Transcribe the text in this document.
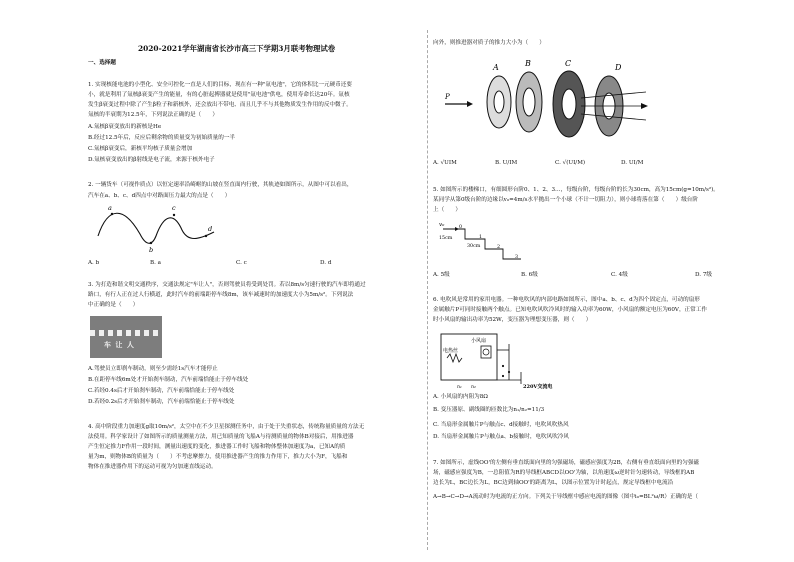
2020-2021学年湖南省长沙市高三下学期3月联考物理试卷
一、选择题
1. 实现核能电池的小型化、安全可控化一直是人们的目标，现在有一种"氚电池"，它的体积比一元硬币还要
小，就是利用了氚核β衰变产生的能量，有的心脏起搏器就是使用"氚电池"供电，使用寿命长达20年。氚核
发生β衰变过程中除了产生β粒子和新核外，还会放出不带电、而且几乎不与其他物质发生作用的反中微子。
氚核的半衰期为12.5年，下列说法正确的是（　　）
A.氚核β衰变放出的新核是He
B.经过12.5年后，反应后剩余物的质量变为初始质量的一半
C.氚核β衰变后，新核平均核子质量会增加
D.氚核衰变放出的β射线是电子流，来源于核外电子
2. 一辆货车（可视作质点）以恒定速率沿崎岖的山坡在竖直面内行驶，其轨迹如图所示，从图中可以看出，
汽车在a、b、c、d四点中对路面压力最大的点是（　　）
a
b
c
d
A. b	B. a	C. c	D. d
3. 为打造和谐文明交通秩序，交通法规定"车让人"，否则驾驶员将受到处罚。若以8m/s匀速行驶的汽车即将通过
路口，有行人正在过人行横道，此时汽车的前端距停车线8m，该车减速时的加速度大小为5m/s²。下列说法
中正确的是（　　）
车 让 人
A.驾驶员立即刹车制动，则至少需经1s汽车才能停止
B.在距停车线6m处才开始刹车制动，汽车前端恰能止于停车线处
C.若经0.4s后才开始刹车制动，汽车前端恰能止于停车线处
D.若经0.2s后才开始刹车制动，汽车前端恰能止于停车线处
4. 高中阶段重力加速度g取10m/s²，太空中在不少卫星探测任务中，由于处于失重状态，传统称量质量的方法无
法使用。科学家设计了如图所示的质量测量方法，用已知质量的飞船A与待测质量的物体B对接后，用推进器
产生恒定推力F作用一段时间，测量出速度的变化，推进器工作时飞船和物体整体加速度为a，已知A的质
量为m，则物体B的质量为（　　）不考虑摩擦力，使用推进器产生的推力作用下，推力大小为F，飞船和
物体在推进器作用下的运动可视为匀加速直线运动。
向外，则推进器对质子的推力大小为（　　）
P
A	B	C	D
A. √UIM	B. U/IM	C. √(UI/M)	D. UI/M
5. 如图所示的楼梯口，有细圆形台阶0、1、2、3…，每级台阶，每级台阶的长为30cm，高为15cm(g=10m/s²)。
某同学从第0级台阶的边缘以v₀=4m/s水平抛出一个小球（不计一切阻力），则小球将落在第（　　）级台阶
上（　　）
v₀
15cm
30cm
0
1
2
3
A. 5级	B. 6级	C. 4级	D. 7级
6. 电吹风是常用的家用电器。一种电吹风的内部电路如图所示，图中a、b、c、d为四个固定点，可动的扇形
金属触片P可同时接触两个触点。已知电吹风吹冷风时的输入功率为60W，小风扇的额定电压为60V，正常工作
时小风扇的输出功率为52W，变压器为理想变压器，则（　　）
小风扇
电热丝
n₁ n₂	220V交流电
A. 小风扇的内阻为8Ω
B. 变压器原、副线圈的匝数比为n₁/n₂=11/3
C. 当扇形金属触片P与触点c、d接触时，电吹风吹热风
D. 当扇形金属触片P与触点a、b接触时，电吹风吹冷风
7. 如图所示，虚线OO'的左侧有垂直纸面向里的匀强磁场，磁感应强度为2B，右侧有垂直纸面向里的匀强磁
场，磁感应强度为B，一总阻值为R的导线框ABCD以OO'为轴，以角速度ω逆时针匀速转动，导线框的AB
边长为L，BC边长为L，BC边到轴OO'的距离为L，以图示位置为计时起点，规定导线框中电流沿
A→B→C→D→A流动时为电流的正方向。下列关于导线框中感应电流的图像（图中i₀=BL²ω/R）正确的是（　
